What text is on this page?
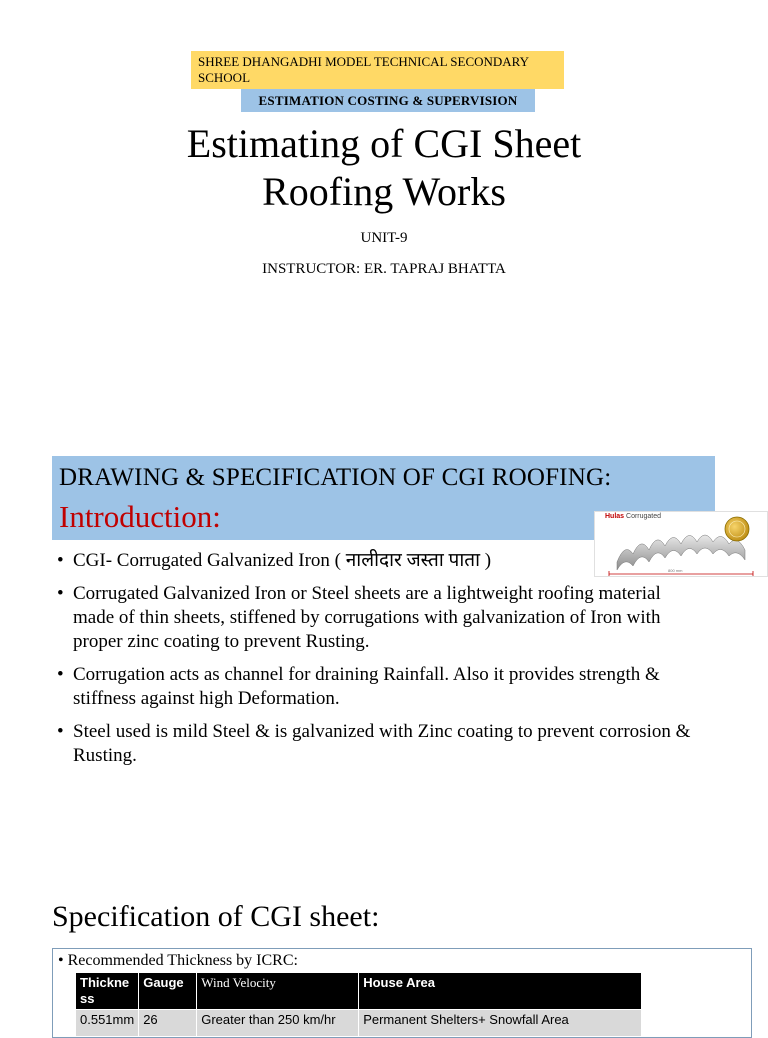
SHREE DHANGADHI MODEL TECHNICAL SECONDARY SCHOOL
ESTIMATION COSTING & SUPERVISION
Estimating of CGI Sheet
Roofing Works
UNIT-9
INSTRUCTOR: ER. TAPRAJ BHATTA
DRAWING & SPECIFICATION OF CGI ROOFING:
Introduction:	Hulas Corrugated
800 mm
• CGI- Corrugated Galvanized Iron ( नालीदार जस्ता पाता )
• Corrugated Galvanized Iron or Steel sheets are a lightweight roofing material made of thin sheets, stiffened by corrugations with galvanization of Iron with proper zinc coating to prevent Rusting.
• Corrugation acts as channel for draining Rainfall. Also it provides strength & stiffness against high Deformation.
• Steel used is mild Steel & is galvanized with Zinc coating to prevent corrosion & Rusting.
Specification of CGI sheet:
• Recommended Thickness by ICRC:
Thickne ss	Gauge	Wind Velocity	House Area
0.551mm	26	Greater than 250 km/hr	Permanent Shelters+ Snowfall Area
